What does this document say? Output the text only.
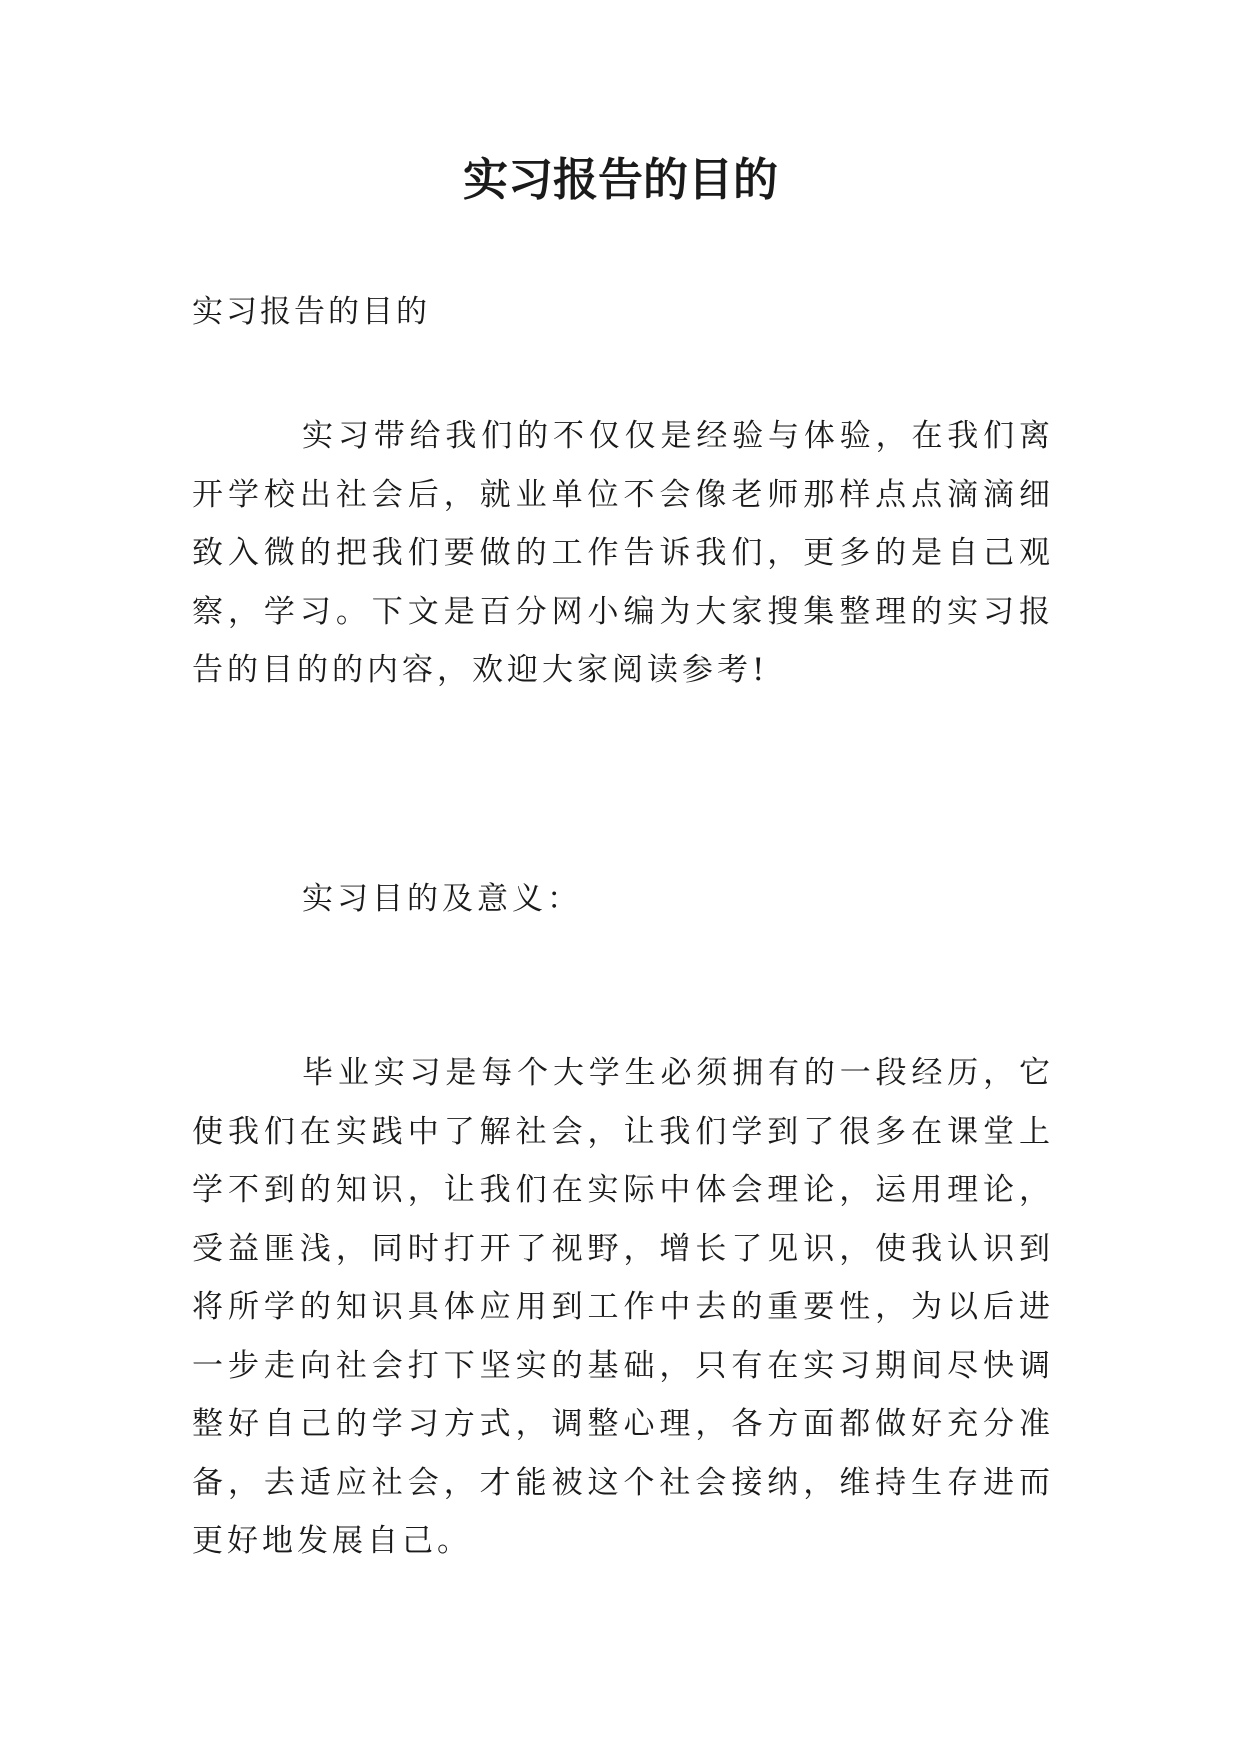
实习报告的目的

实习报告的目的

实习带给我们的不仅仅是经验与体验，在我们离开学校出社会后，就业单位不会像老师那样点点滴滴细致入微的把我们要做的工作告诉我们，更多的是自己观察，学习。下文是百分网小编为大家搜集整理的实习报告的目的的内容，欢迎大家阅读参考!

实习目的及意义：

毕业实习是每个大学生必须拥有的一段经历，它使我们在实践中了解社会，让我们学到了很多在课堂上学不到的知识，让我们在实际中体会理论，运用理论，受益匪浅，同时打开了视野，增长了见识，使我认识到将所学的知识具体应用到工作中去的重要性，为以后进一步走向社会打下坚实的基础，只有在实习期间尽快调整好自己的学习方式，调整心理，各方面都做好充分准备，去适应社会，才能被这个社会接纳，维持生存进而更好地发展自己。
